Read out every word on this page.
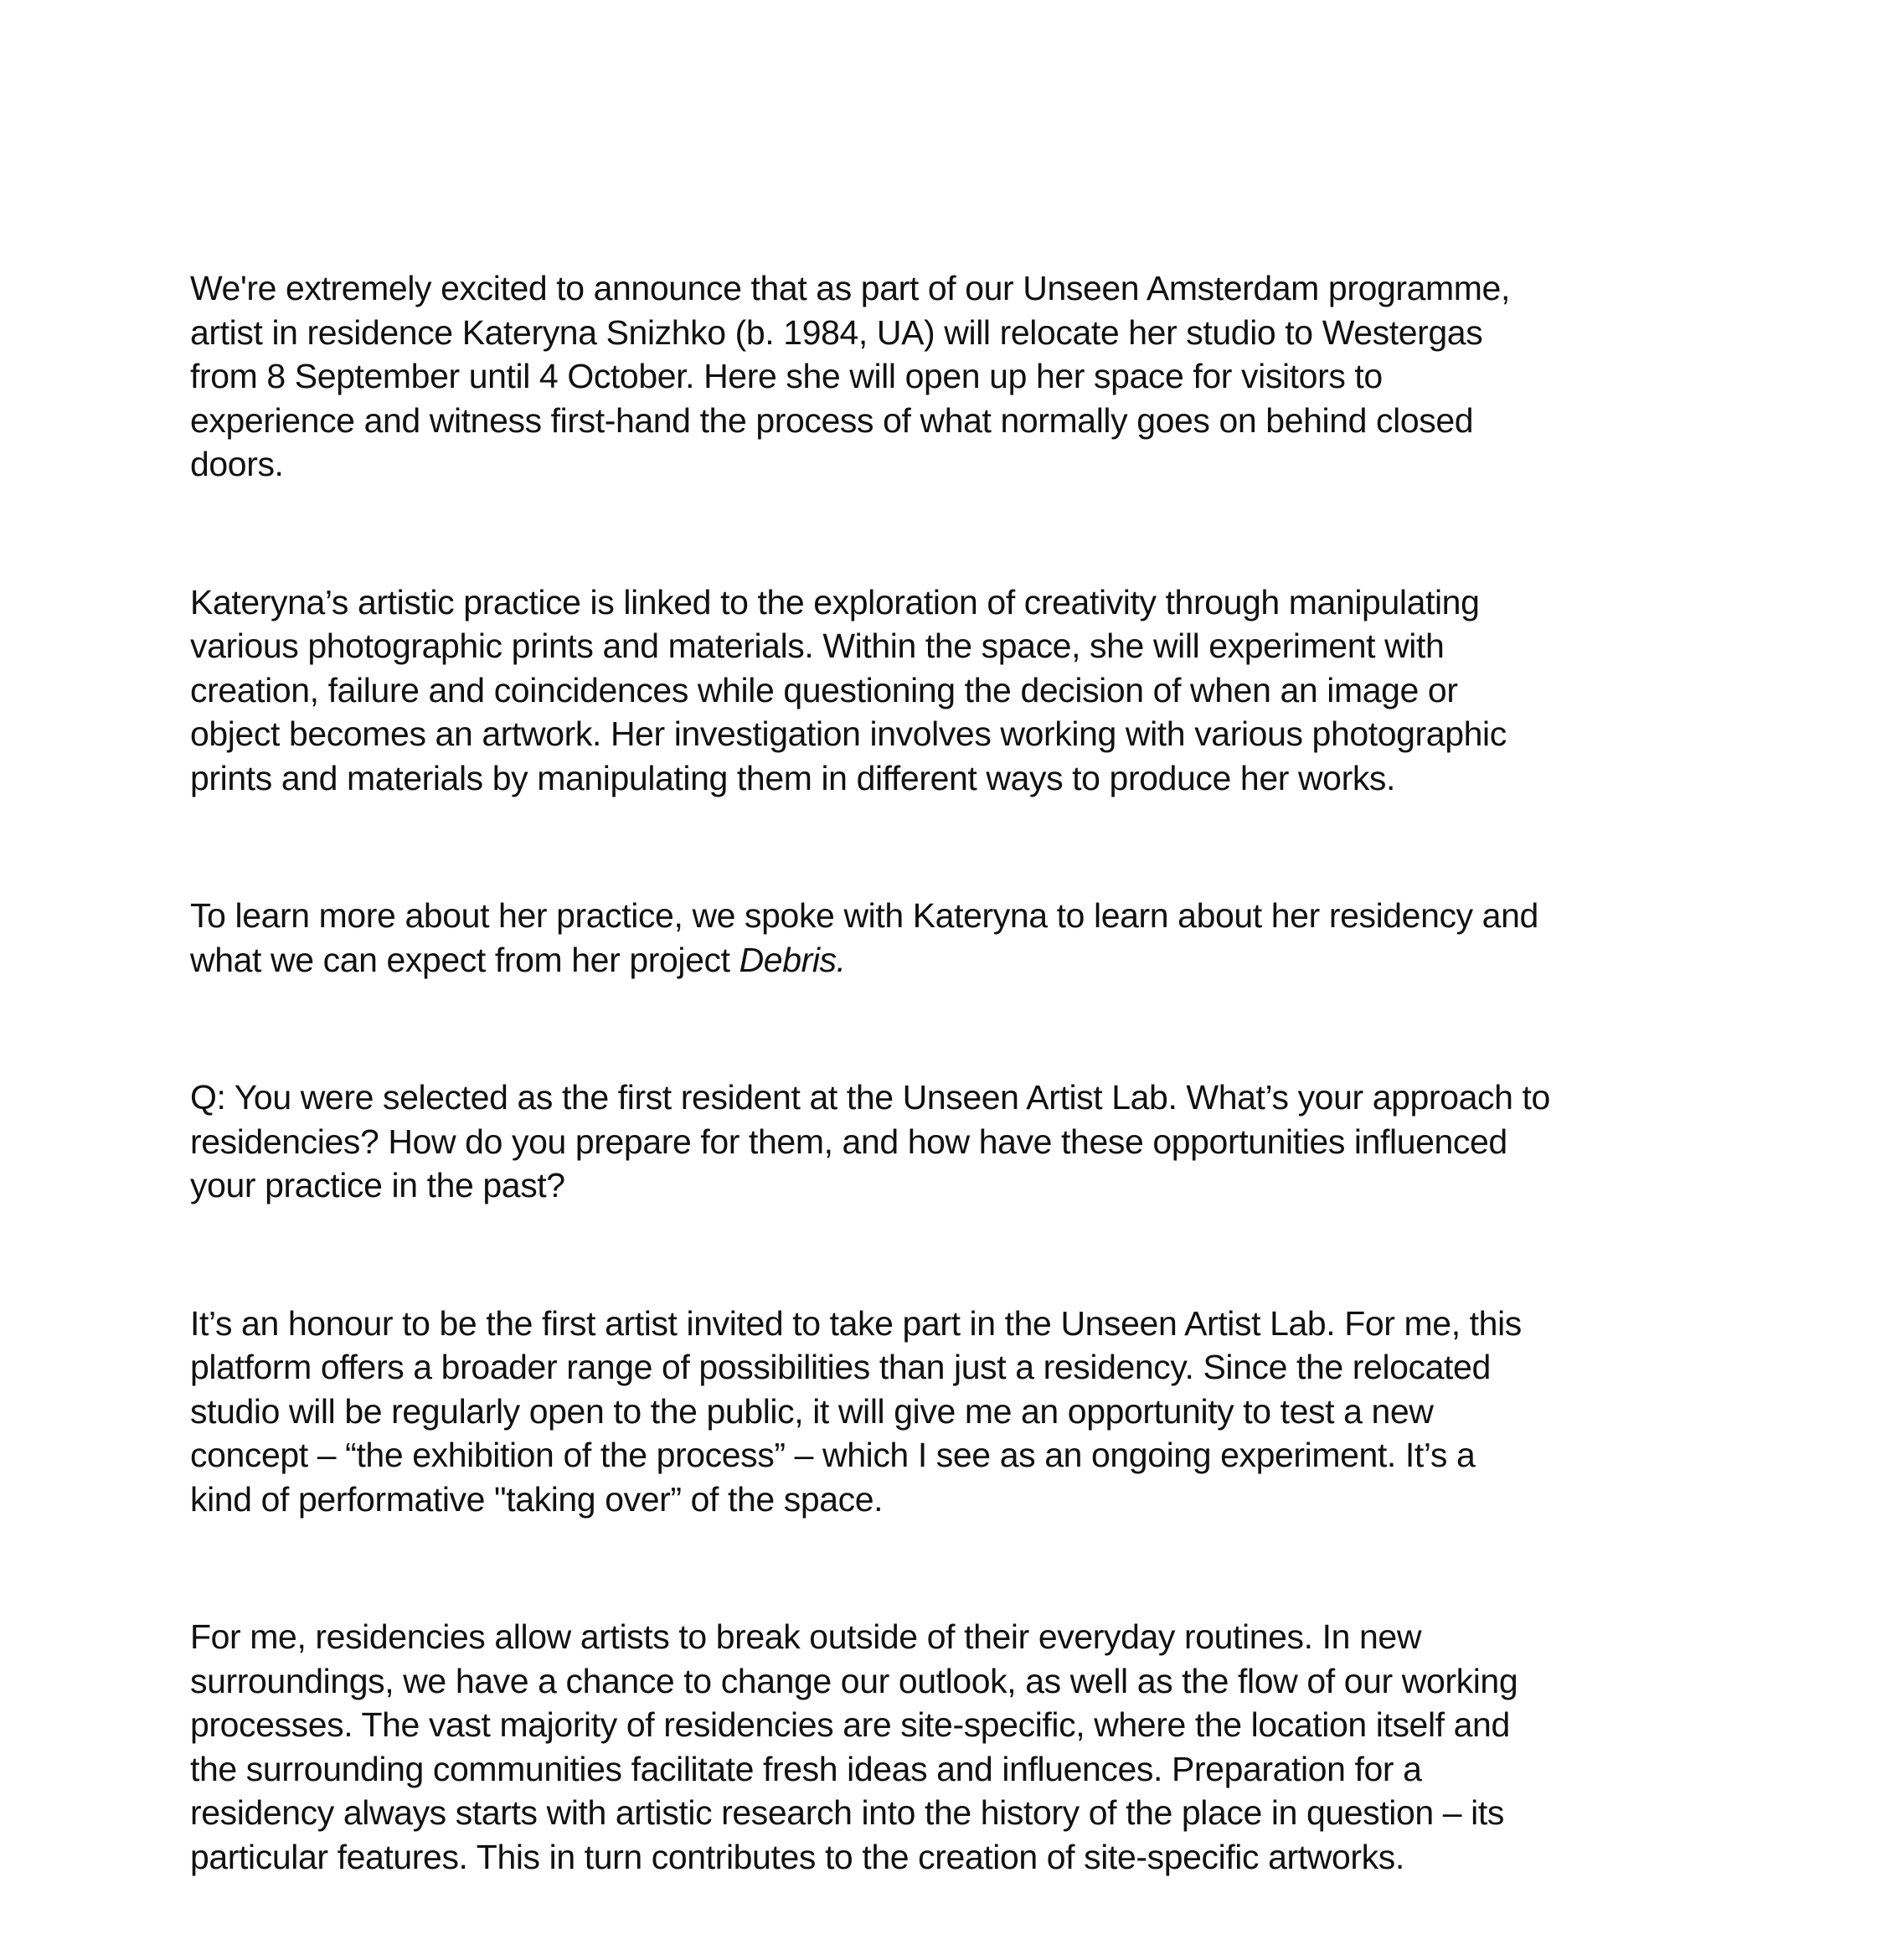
We're extremely excited to announce that as part of our Unseen Amsterdam programme,
artist in residence Kateryna Snizhko (b. 1984, UA) will relocate her studio to Westergas
from 8 September until 4 October. Here she will open up her space for visitors to
experience and witness first-hand the process of what normally goes on behind closed
doors.

Kateryna’s artistic practice is linked to the exploration of creativity through manipulating
various photographic prints and materials. Within the space, she will experiment with
creation, failure and coincidences while questioning the decision of when an image or
object becomes an artwork. Her investigation involves working with various photographic
prints and materials by manipulating them in different ways to produce her works.

To learn more about her practice, we spoke with Kateryna to learn about her residency and
what we can expect from her project Debris.

Q: You were selected as the first resident at the Unseen Artist Lab. What’s your approach to
residencies? How do you prepare for them, and how have these opportunities influenced
your practice in the past?

It’s an honour to be the first artist invited to take part in the Unseen Artist Lab. For me, this
platform offers a broader range of possibilities than just a residency. Since the relocated
studio will be regularly open to the public, it will give me an opportunity to test a new
concept – “the exhibition of the process” – which I see as an ongoing experiment. It’s a
kind of performative "taking over” of the space.

For me, residencies allow artists to break outside of their everyday routines. In new
surroundings, we have a chance to change our outlook, as well as the flow of our working
processes. The vast majority of residencies are site-specific, where the location itself and
the surrounding communities facilitate fresh ideas and influences. Preparation for a
residency always starts with artistic research into the history of the place in question – its
particular features. This in turn contributes to the creation of site-specific artworks.
